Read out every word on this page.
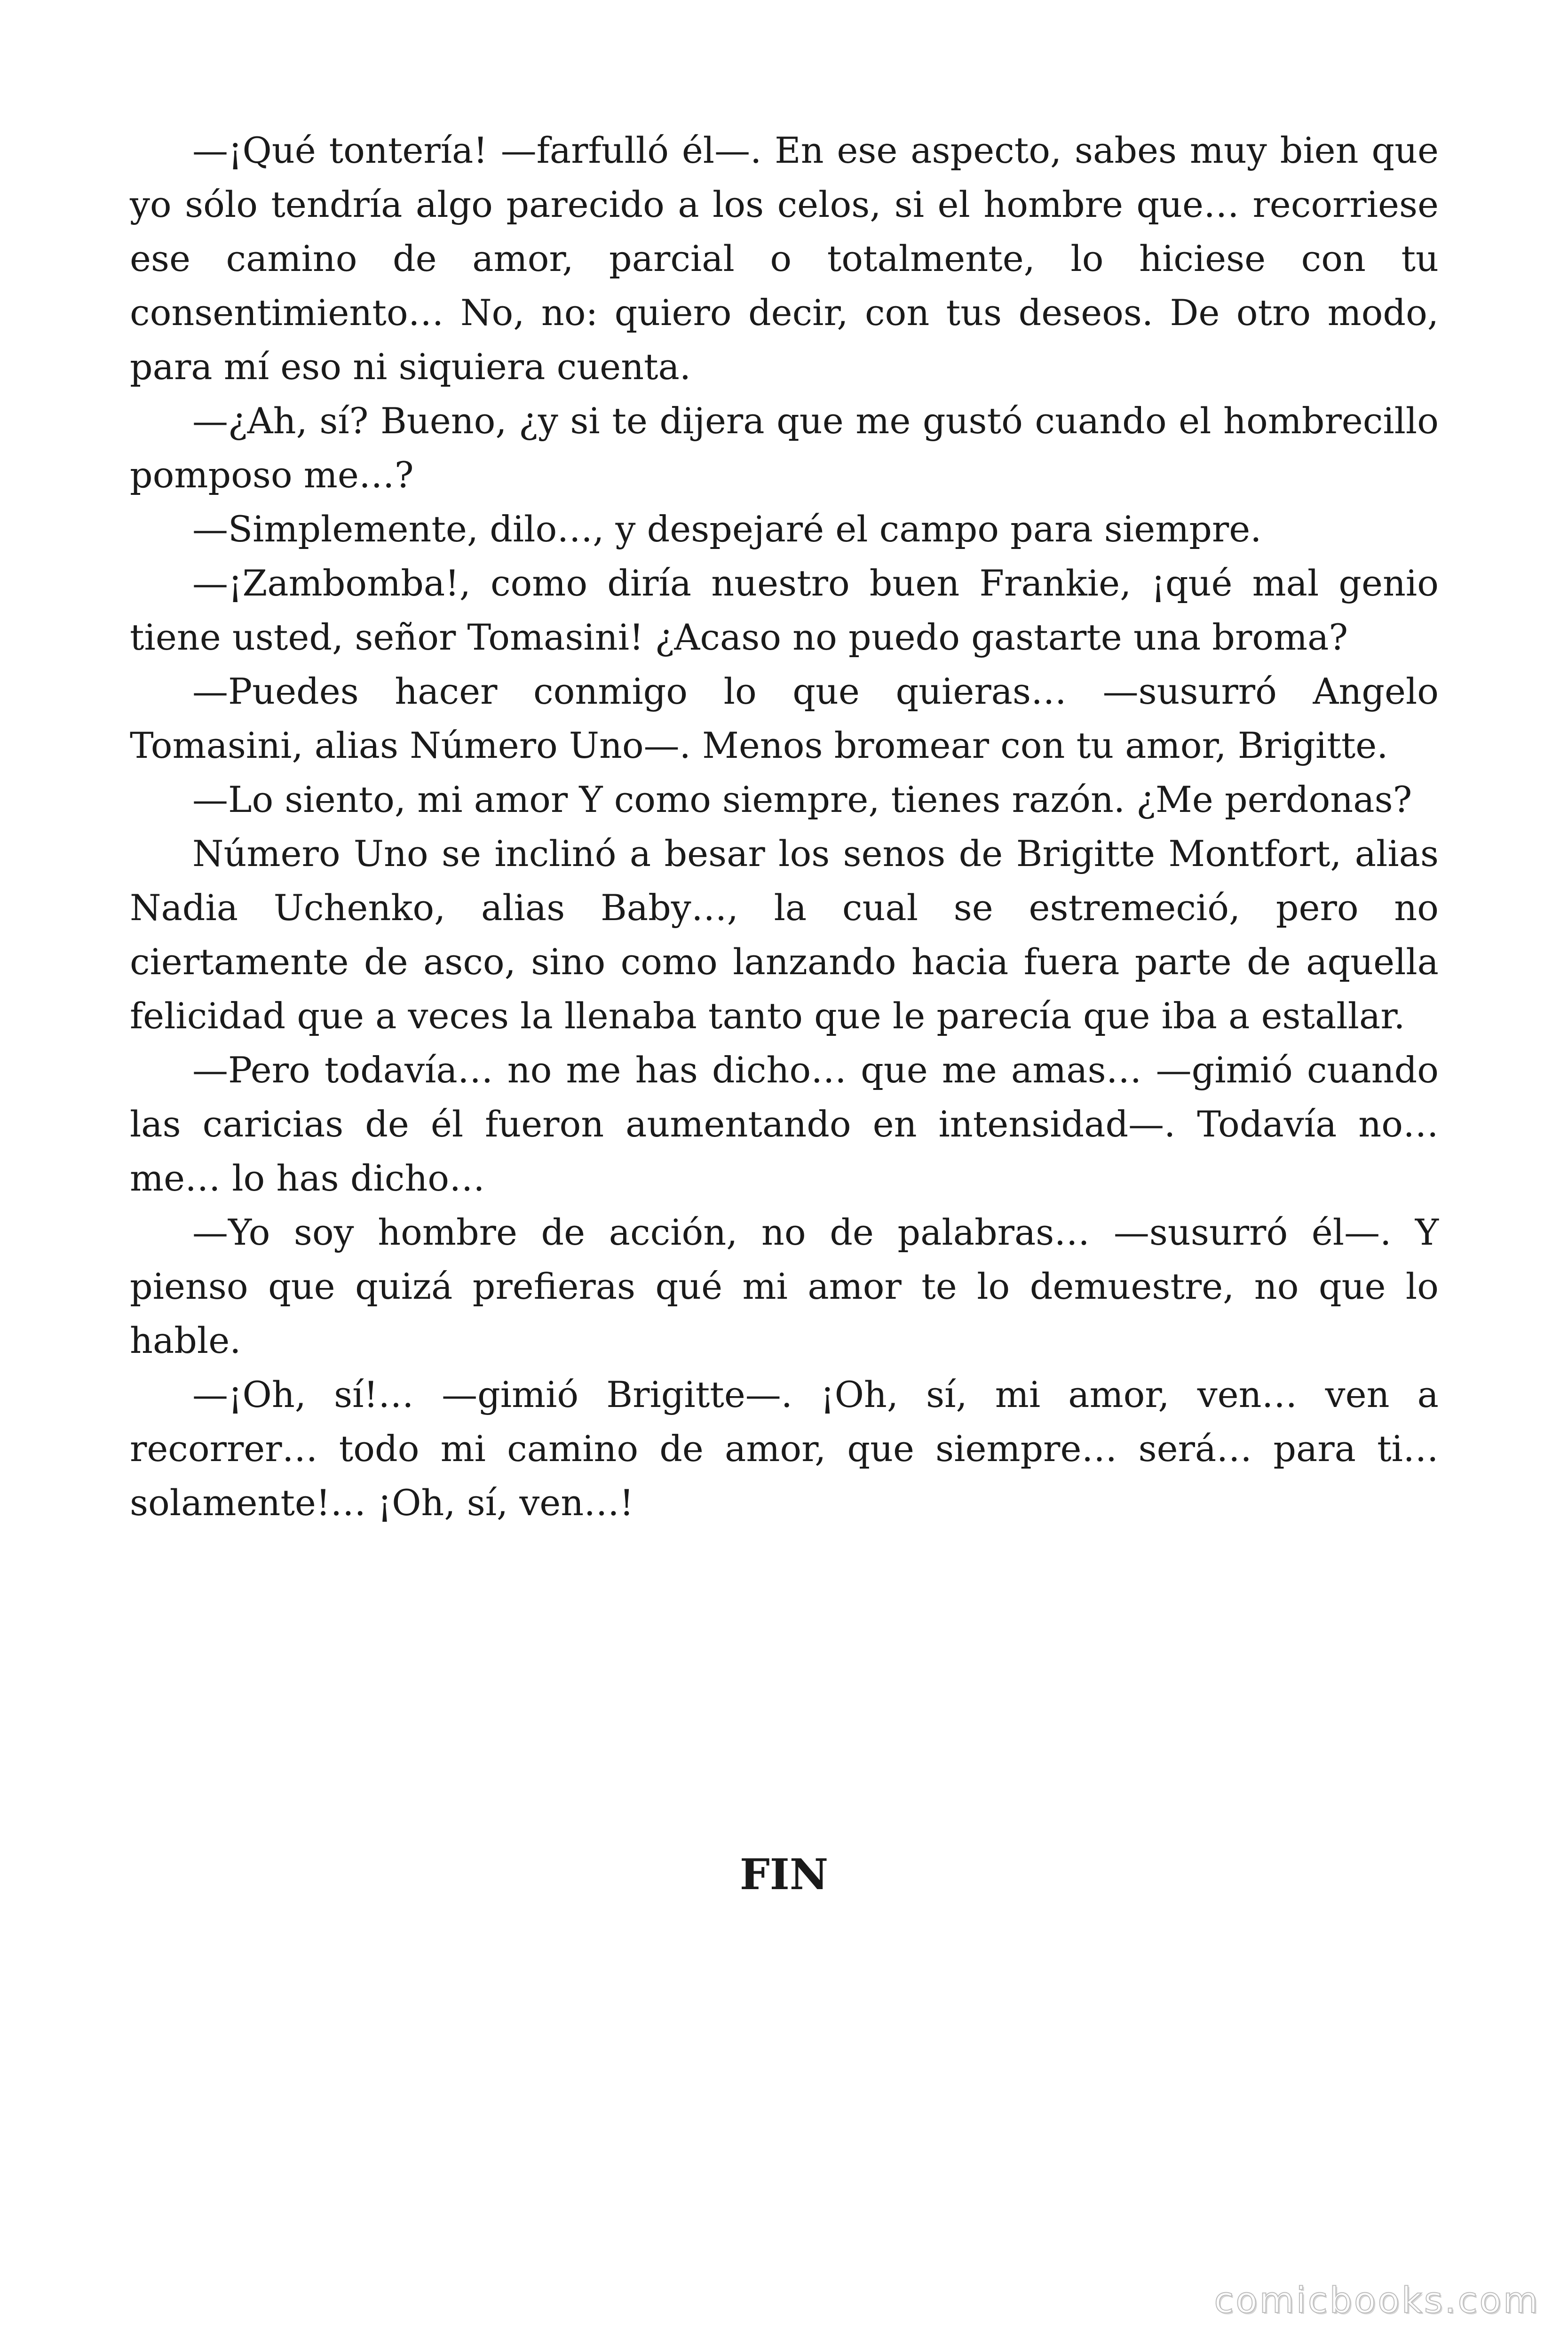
—¡Qué tontería! —farfulló él—. En ese aspecto, sabes muy bien que yo sólo tendría algo parecido a los celos, si el hombre que… recorriese ese camino de amor, parcial o totalmente, lo hiciese con tu consentimiento… No, no: quiero decir, con tus deseos. De otro modo, para mí eso ni siquiera cuenta.

—¿Ah, sí? Bueno, ¿y si te dijera que me gustó cuando el hombrecillo pomposo me…?

—Simplemente, dilo…, y despejaré el campo para siempre.

—¡Zambomba!, como diría nuestro buen Frankie, ¡qué mal genio tiene usted, señor Tomasini! ¿Acaso no puedo gastarte una broma?

—Puedes hacer conmigo lo que quieras… —susurró Angelo Tomasini, alias Número Uno—. Menos bromear con tu amor, Brigitte.

—Lo siento, mi amor Y como siempre, tienes razón. ¿Me perdonas?

Número Uno se inclinó a besar los senos de Brigitte Montfort, alias Nadia Uchenko, alias Baby…, la cual se estremeció, pero no ciertamente de asco, sino como lanzando hacia fuera parte de aquella felicidad que a veces la llenaba tanto que le parecía que iba a estallar.

—Pero todavía… no me has dicho… que me amas… —gimió cuando las caricias de él fueron aumentando en intensidad—. Todavía no… me… lo has dicho…

—Yo soy hombre de acción, no de palabras… —susurró él—. Y pienso que quizá prefieras qué mi amor te lo demuestre, no que lo hable.

—¡Oh, sí!… —gimió Brigitte—. ¡Oh, sí, mi amor, ven… ven a recorrer… todo mi camino de amor, que siempre… será… para ti… solamente!… ¡Oh, sí, ven…!

FIN
comicbooks.com
